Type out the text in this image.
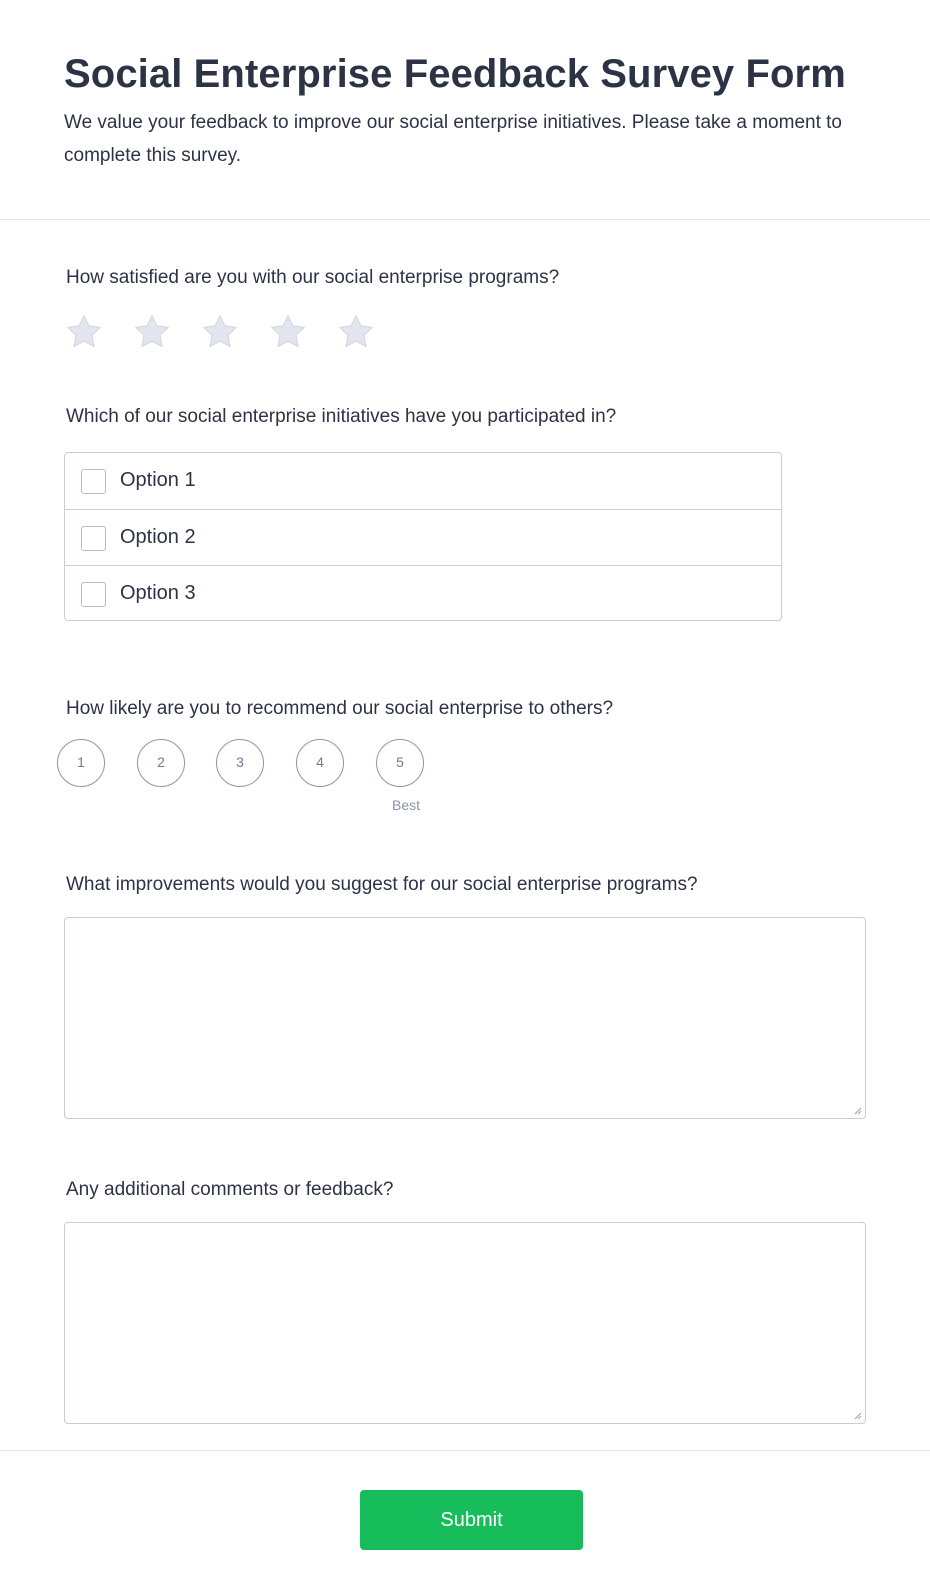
Social Enterprise Feedback Survey Form

We value your feedback to improve our social enterprise initiatives. Please take a moment to complete this survey.

How satisfied are you with our social enterprise programs?
Which of our social enterprise initiatives have you participated in?
Option 1
Option 2
Option 3
How likely are you to recommend our social enterprise to others?
1	2	3	4	5
Best
What improvements would you suggest for our social enterprise programs?
Any additional comments or feedback?
Submit
